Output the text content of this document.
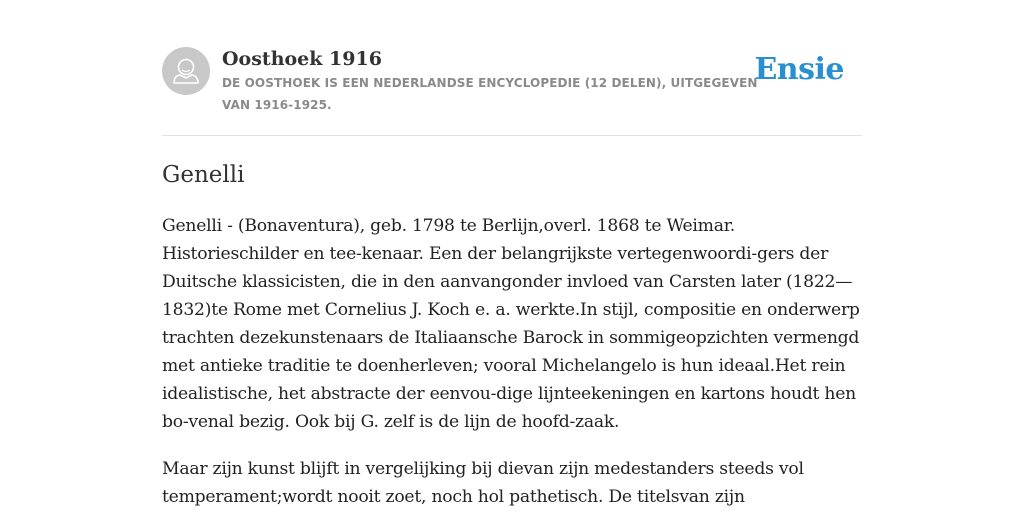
Oosthoek 1916

DE OOSTHOEK IS EEN NEDERLANDSE ENCYCLOPEDIE (12 DELEN), UITGEGEVEN VAN 1916-1925.

Ensie
Genelli

Genelli - (Bonaventura), geb. 1798 te Berlijn,overl. 1868 te Weimar. Historieschilder en tee-kenaar. Een der belangrijkste vertegenwoordi-gers der Duitsche klassicisten, die in den aanvangonder invloed van Carsten later (1822—1832)te Rome met Cornelius J. Koch e. a. werkte.In stijl, compositie en onderwerp trachten dezekunstenaars de Italiaansche Barock in sommigeopzichten vermengd met antieke traditie te doenherleven; vooral Michelangelo is hun ideaal.Het rein idealistische, het abstracte der eenvou-dige lijnteekeningen en kartons houdt hen bo-venal bezig. Ook bij G. zelf is de lijn de hoofd-zaak.

Maar zijn kunst blijft in vergelijking bij dievan zijn medestanders steeds vol temperament;wordt nooit zoet, noch hol pathetisch. De titelsvan zijn
